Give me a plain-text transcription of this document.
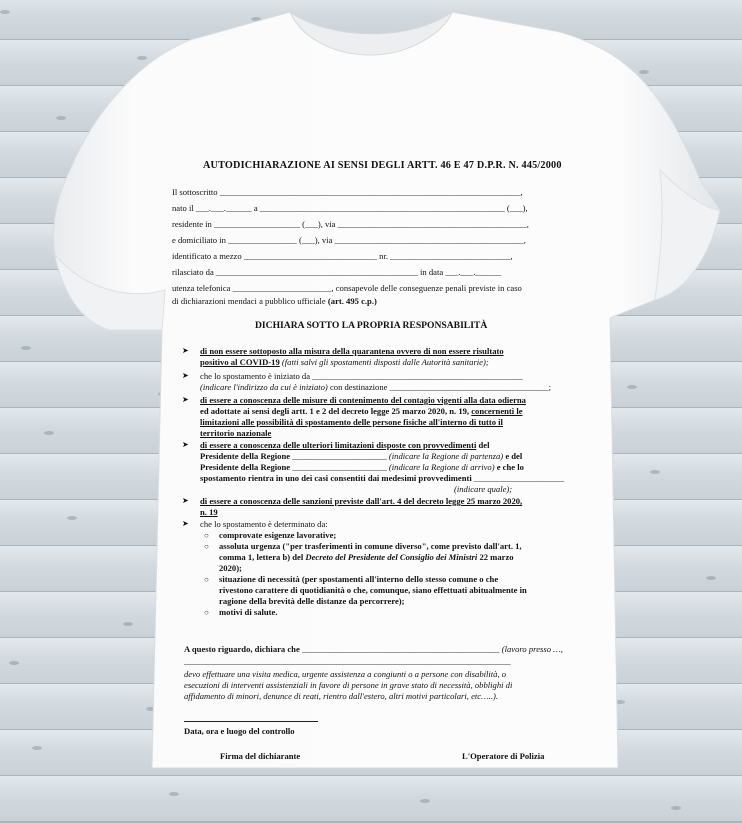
AUTODICHIARAZIONE AI SENSI DEGLI ARTT. 46 E 47 D.P.R. N. 445/2000
Il sottoscritto ______________________________________________________________________,
nato il ___.___.______ a _________________________________________________________ (___),
residente in ____________________ (___), via ____________________________________________,
e domiciliato in ________________ (___), via ____________________________________________,
identificato a mezzo _______________________________ nr. ____________________________,
rilasciato da _______________________________________________ in data ___.___.______
utenza telefonica _______________________, consapevole delle conseguenze penali previste in caso
di dichiarazioni mendaci a pubblico ufficiale (art. 495 c.p.)
DICHIARA SOTTO LA PROPRIA RESPONSABILITÀ
➤ di non essere sottoposto alla misura della quarantena ovvero di non essere risultato
positivo al COVID-19 (fatti salvi gli spostamenti disposti dalle Autorità sanitarie);
➤ che lo spostamento è iniziato da _________________________________________________
(indicare l'indirizzo da cui è iniziato) con destinazione _____________________________________;
➤ di essere a conoscenza delle misure di contenimento del contagio vigenti alla data odierna
ed adottate ai sensi degli artt. 1 e 2 del decreto legge 25 marzo 2020, n. 19, concernenti le
limitazioni alle possibilità di spostamento delle persone fisiche all'interno di tutto il
territorio nazionale
➤ di essere a conoscenza delle ulteriori limitazioni disposte con provvedimenti del
Presidente della Regione ______________________ (indicare la Regione di partenza) e del
Presidente della Regione ______________________ (indicare la Regione di arrivo) e che lo
spostamento rientra in uno dei casi consentiti dai medesimi provvedimenti _____________________
(indicare quale);
➤ di essere a conoscenza delle sanzioni previste dall'art. 4 del decreto legge 25 marzo 2020,
n. 19
➤ che lo spostamento è determinato da:
○ comprovate esigenze lavorative;
○ assoluta urgenza ("per trasferimenti in comune diverso", come previsto dall'art. 1,
comma 1, lettera b) del Decreto del Presidente del Consiglio dei Ministri 22 marzo
2020);
○ situazione di necessità (per spostamenti all'interno dello stesso comune o che
rivestono carattere di quotidianità o che, comunque, siano effettuati abitualmente in
ragione della brevità delle distanze da percorrere);
○ motivi di salute.
A questo riguardo, dichiara che ______________________________________________ (lavoro presso …,
____________________________________________________________________________
devo effettuare una visita medica, urgente assistenza a congiunti o a persone con disabilità, o
esecuzioni di interventi assistenziali in favore di persone in grave stato di necessità, obblighi di
affidamento di minori, denunce di reati, rientro dall'estero, altri motivi particolari, etc…..).
Data, ora e luogo del controllo
Firma del dichiarante	L'Operatore di Polizia
